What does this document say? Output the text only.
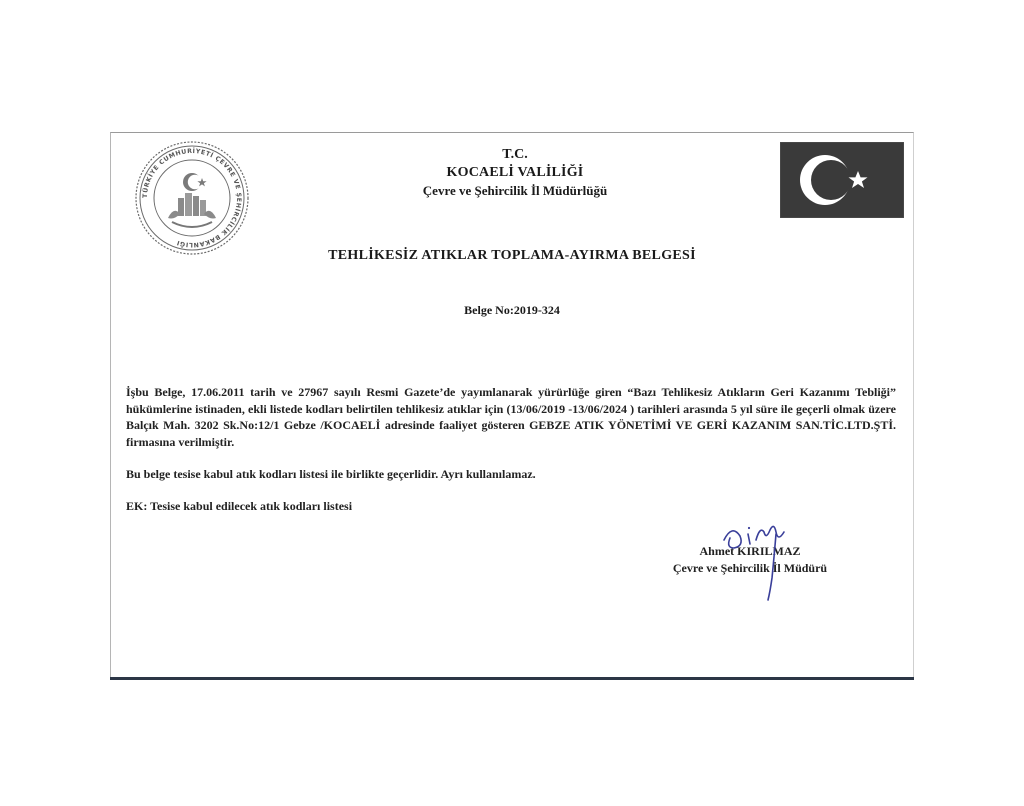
TÜRKİYE CUMHURİYETİ ÇEVRE VE ŞEHİRCİLİK BAKANLIĞI
T.C.
KOCAELİ VALİLİĞİ
Çevre ve Şehircilik İl Müdürlüğü
TEHLİKESİZ ATIKLAR TOPLAMA-AYIRMA BELGESİ
Belge No:2019-324
İşbu Belge, 17.06.2011 tarih ve 27967 sayılı Resmi Gazete’de yayımlanarak yürürlüğe giren “Bazı Tehlikesiz Atıkların Geri Kazanımı Tebliği” hükümlerine istinaden, ekli listede kodları belirtilen tehlikesiz atıklar için (13/06/2019 -13/06/2024 ) tarihleri arasında 5 yıl süre ile geçerli olmak üzere Balçık Mah. 3202 Sk.No:12/1 Gebze /KOCAELİ adresinde faaliyet gösteren GEBZE ATIK YÖNETİMİ VE GERİ KAZANIM SAN.TİC.LTD.ŞTİ. firmasına verilmiştir.
Bu belge tesise kabul atık kodları listesi ile birlikte geçerlidir. Ayrı kullanılamaz.
EK: Tesise kabul edilecek atık kodları listesi
Ahmet KIRILMAZ
Çevre ve Şehircilik İl Müdürü
